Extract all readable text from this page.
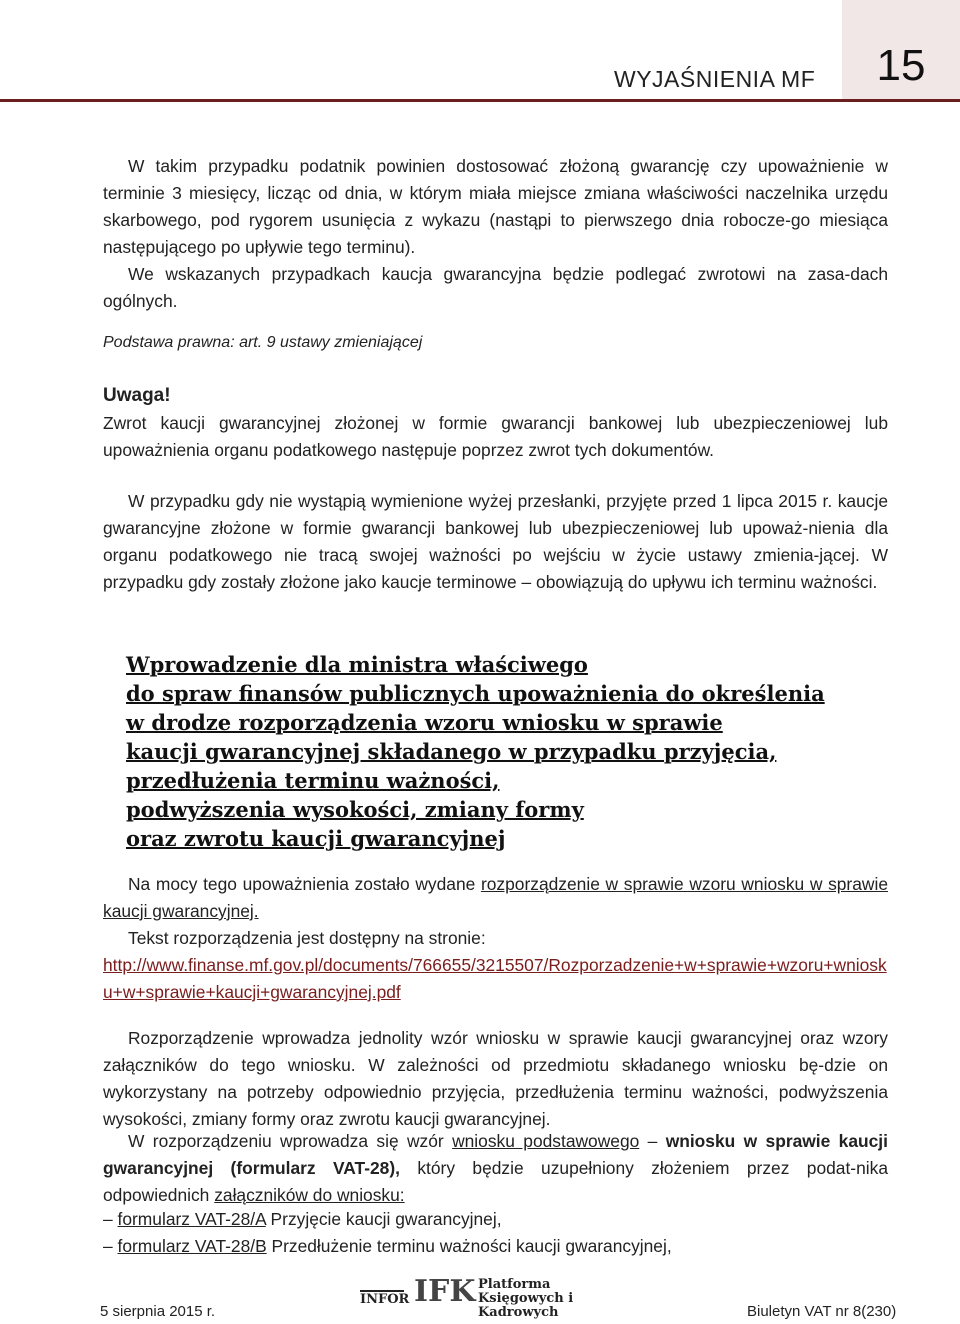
15
WYJAŚNIENIA MF

W takim przypadku podatnik powinien dostosować złożoną gwarancję czy upoważnienie w terminie 3 miesięcy, licząc od dnia, w którym miała miejsce zmiana właściwości naczelnika urzędu skarbowego, pod rygorem usunięcia z wykazu (nastąpi to pierwszego dnia robocze-go miesiąca następującego po upływie tego terminu).

We wskazanych przypadkach kaucja gwarancyjna będzie podlegać zwrotowi na zasa-dach ogólnych.

Podstawa prawna: art. 9 ustawy zmieniającej

Uwaga!

Zwrot kaucji gwarancyjnej złożonej w formie gwarancji bankowej lub ubezpieczeniowej lub upoważnienia organu podatkowego następuje poprzez zwrot tych dokumentów.

W przypadku gdy nie wystąpią wymienione wyżej przesłanki, przyjęte przed 1 lipca 2015 r. kaucje gwarancyjne złożone w formie gwarancji bankowej lub ubezpieczeniowej lub upoważ-nienia dla organu podatkowego nie tracą swojej ważności po wejściu w życie ustawy zmienia-jącej. W przypadku gdy zostały złożone jako kaucje terminowe – obowiązują do upływu ich terminu ważności.

Wprowadzenie dla ministra właściwego
do spraw finansów publicznych upoważnienia do określenia
w drodze rozporządzenia wzoru wniosku w sprawie
kaucji gwarancyjnej składanego w przypadku przyjęcia,
przedłużenia terminu ważności,
podwyższenia wysokości, zmiany formy
oraz zwrotu kaucji gwarancyjnej

Na mocy tego upoważnienia zostało wydane rozporządzenie w sprawie wzoru wniosku w sprawie kaucji gwarancyjnej.

Tekst rozporządzenia jest dostępny na stronie:

http://www.finanse.mf.gov.pl/documents/766655/3215507/Rozporzadzenie+w+sprawie+wzoru+wniosku+w+sprawie+kaucji+gwarancyjnej.pdf

Rozporządzenie wprowadza jednolity wzór wniosku w sprawie kaucji gwarancyjnej oraz wzory załączników do tego wniosku. W zależności od przedmiotu składanego wniosku bę-dzie on wykorzystany na potrzeby odpowiednio przyjęcia, przedłużenia terminu ważności, podwyższenia wysokości, zmiany formy oraz zwrotu kaucji gwarancyjnej.

W rozporządzeniu wprowadza się wzór wniosku podstawowego – wniosku w sprawie kaucji gwarancyjnej (formularz VAT-28), który będzie uzupełniony złożeniem przez podat-nika odpowiednich załączników do wniosku:

– formularz VAT-28/A Przyjęcie kaucji gwarancyjnej,

– formularz VAT-28/B Przedłużenie terminu ważności kaucji gwarancyjnej,

INFOR IFK Platforma
Księgowych i Kadrowych
5 sierpnia 2015 r.	Biuletyn VAT nr 8(230)
